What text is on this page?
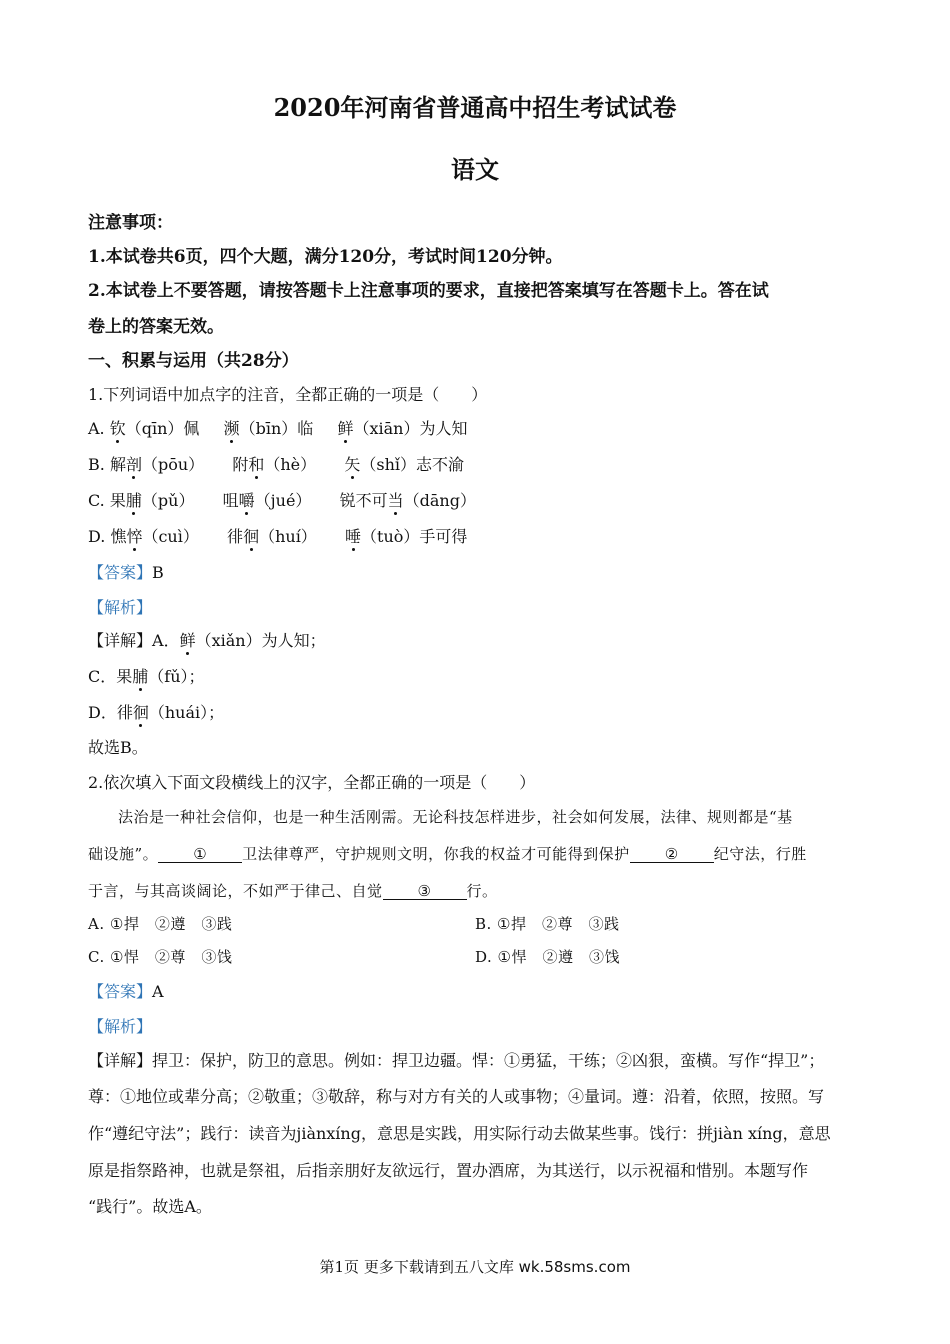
2020年河南省普通高中招生考试试卷
语文
注意事项：
1.本试卷共6页，四个大题，满分120分，考试时间120分钟。
2.本试卷上不要答题，请按答题卡上注意事项的要求，直接把答案填写在答题卡上。答在试
卷上的答案无效。
一、积累与运用（共28分）
1.下列词语中加点字的注音，全都正确的一项是（　　）
A. 钦（qīn）佩 濒（bīn）临 鲜（xiān）为人知
B. 解剖（pōu） 附和（hè） 矢（shǐ）志不渝
C. 果脯（pǔ） 咀嚼（jué） 锐不可当（dāng）
D. 憔悴（cuì） 徘徊（huí） 唾（tuò）手可得
【答案】B
【解析】
【详解】A．鲜（xiǎn）为人知；
C．果脯（fǔ）；
D．徘徊（huái）；
故选B。
2.依次填入下面文段横线上的汉字，全都正确的一项是（　　）
法治是一种社会信仰，也是一种生活刚需。无论科技怎样进步，社会如何发展，法律、规则都是“基
础设施”。 ① 卫法律尊严，守护规则文明，你我的权益才可能得到保护 ② 纪守法，行胜
于言，与其高谈阔论，不如严于律己、自觉 ③ 行。
A. ①捍　②遵　③践	B. ①捍　②尊　③践
C. ①悍　②尊　③饯	D. ①悍　②遵　③饯
【答案】A
【解析】
【详解】捍卫：保护，防卫的意思。例如：捍卫边疆。悍：①勇猛，干练；②凶狠，蛮横。写作“捍卫”；
尊：①地位或辈分高；②敬重；③敬辞，称与对方有关的人或事物；④量词。遵：沿着，依照，按照。写
作“遵纪守法”；践行：读音为jiànxíng，意思是实践，用实际行动去做某些事。饯行：拼jiàn xíng，意思
原是指祭路神，也就是祭祖，后指亲朋好友欲远行，置办酒席，为其送行，以示祝福和惜别。本题写作
“践行”。故选A。
第1页 更多下载请到五八文库 wk.58sms.com
